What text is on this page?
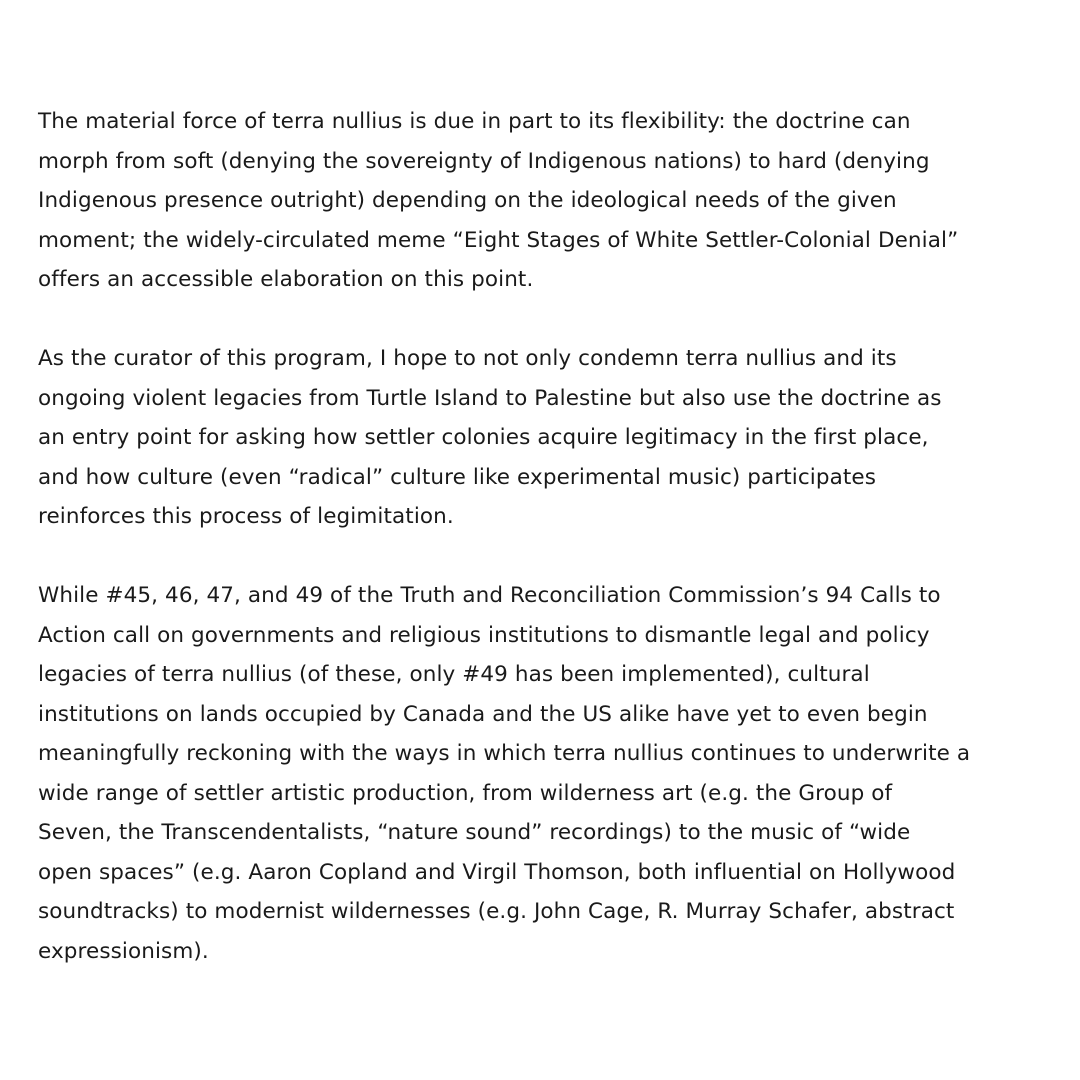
The material force of terra nullius is due in part to its flexibility: the doctrine can
morph from soft (denying the sovereignty of Indigenous nations) to hard (denying
Indigenous presence outright) depending on the ideological needs of the given
moment; the widely-circulated meme “Eight Stages of White Settler-Colonial Denial”
offers an accessible elaboration on this point.

As the curator of this program, I hope to not only condemn terra nullius and its
ongoing violent legacies from Turtle Island to Palestine but also use the doctrine as
an entry point for asking how settler colonies acquire legitimacy in the first place,
and how culture (even “radical” culture like experimental music) participates
reinforces this process of legimitation.

While #45, 46, 47, and 49 of the Truth and Reconciliation Commission’s 94 Calls to
Action call on governments and religious institutions to dismantle legal and policy
legacies of terra nullius (of these, only #49 has been implemented), cultural
institutions on lands occupied by Canada and the US alike have yet to even begin
meaningfully reckoning with the ways in which terra nullius continues to underwrite a
wide range of settler artistic production, from wilderness art (e.g. the Group of
Seven, the Transcendentalists, “nature sound” recordings) to the music of “wide
open spaces” (e.g. Aaron Copland and Virgil Thomson, both influential on Hollywood
soundtracks) to modernist wildernesses (e.g. John Cage, R. Murray Schafer, abstract
expressionism).
